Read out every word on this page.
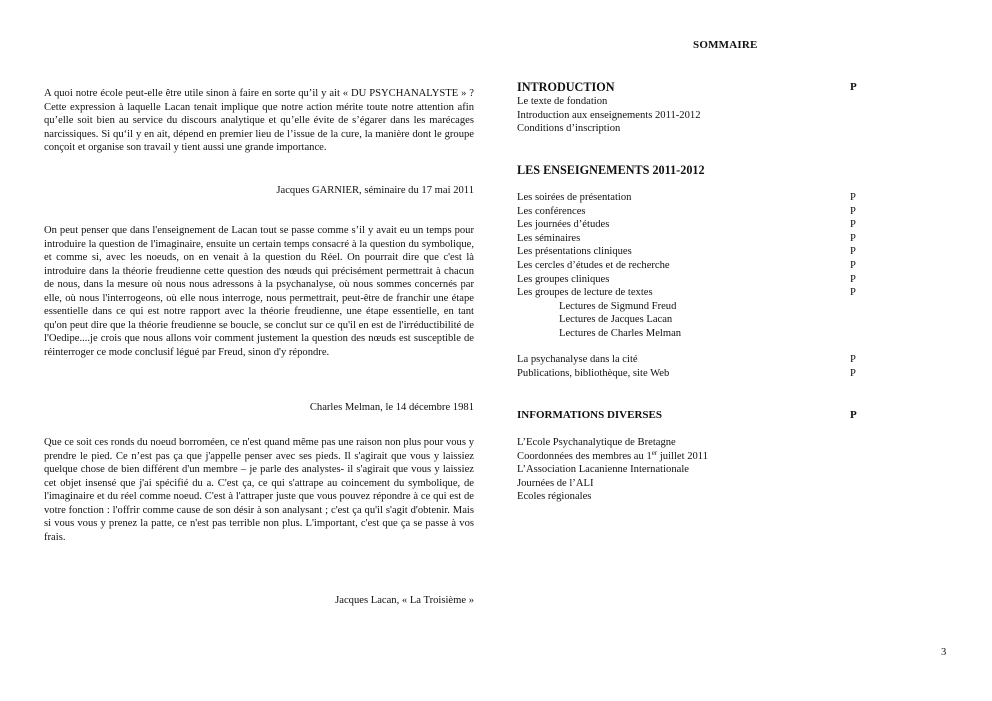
A quoi notre école peut-elle être utile sinon à faire en sorte qu’il y ait « DU PSYCHANALYSTE » ? Cette expression à laquelle Lacan tenait implique que notre action mérite toute notre attention afin qu’elle soit bien au service du discours analytique et qu’elle évite de s’égarer dans les marécages narcissiques. Si qu‘il y en ait, dépend en premier lieu de l’issue de la cure, la manière dont le groupe conçoit et organise son travail y tient aussi une grande importance.

Jacques GARNIER, séminaire du 17 mai 2011

On peut penser que dans l'enseignement de Lacan tout se passe comme s’il y avait eu un temps pour introduire la question de l'imaginaire, ensuite un certain temps consacré à la question du symbolique, et comme si, avec les noeuds, on en venait à la question du Réel. On pourrait dire que c'est là introduire dans la théorie freudienne cette question des nœuds qui précisément permettrait à chacun de nous, dans la mesure où nous nous adressons à la psychanalyse, où nous sommes concernés par elle, où nous l'interrogeons, où elle nous interroge, nous permettrait, peut-être de franchir une étape essentielle dans ce qui est notre rapport avec la théorie freudienne, une étape essentielle, en tant qu'on peut dire que la théorie freudienne se boucle, se conclut sur ce qu'il en est de l'irréductibilité de l'Oedipe....je crois que nous allons voir comment justement la question des nœuds est susceptible de réinterroger ce mode conclusif légué par Freud, sinon d'y répondre.

Charles Melman, le 14 décembre 1981

Que ce soit ces ronds du noeud borroméen, ce n'est quand même pas une raison non plus pour vous y prendre le pied. Ce n’est pas ça que j'appelle penser avec ses pieds. Il s'agirait que vous y laissiez quelque chose de bien différent d'un membre – je parle des analystes- il s'agirait que vous y laissiez cet objet insensé que j'ai spécifié du a. C'est ça, ce qui s'attrape au coincement du symbolique, de l'imaginaire et du réel comme noeud. C'est à l'attraper juste que vous pouvez répondre à ce qui est de votre fonction : l'offrir comme cause de son désir à son analysant ; c'est ça qu'il s'agit d'obtenir. Mais si vous vous y prenez la patte, ce n'est pas terrible non plus. L'important, c'est que ça se passe à vos frais.

Jacques Lacan, « La Troisième »
SOMMAIRE
INTRODUCTION	P
Le texte de fondation
Introduction aux enseignements 2011-2012
Conditions d’inscription
LES ENSEIGNEMENTS 2011-2012
Les soirées de présentation	P
Les conférences	P
Les journées d’études	P
Les séminaires	P
Les présentations cliniques	P
Les cercles d’études et de recherche	P
Les groupes cliniques	P
Les groupes de lecture de textes	P
Lectures de Sigmund Freud
Lectures de Jacques Lacan
Lectures de Charles Melman
La psychanalyse dans la cité	P
Publications, bibliothèque, site Web	P
INFORMATIONS DIVERSES	P
L’Ecole Psychanalytique de Bretagne
Coordonnées des membres au 1er juillet 2011
L’Association Lacanienne Internationale
Journées de l’ALI
Ecoles régionales
3
